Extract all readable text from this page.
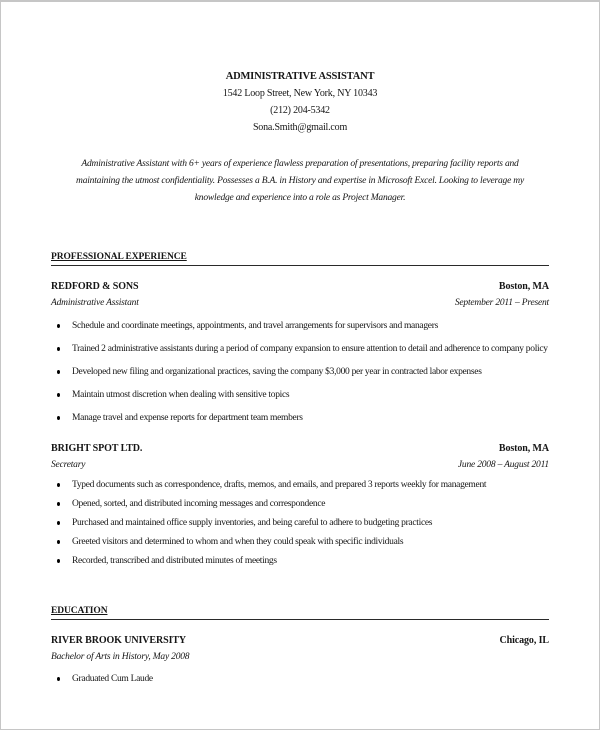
ADMINISTRATIVE ASSISTANT
1542 Loop Street, New York, NY 10343
(212) 204-5342
Sona.Smith@gmail.com
Administrative Assistant with 6+ years of experience flawless preparation of presentations, preparing facility reports and maintaining the utmost confidentiality. Possesses a B.A. in History and expertise in Microsoft Excel. Looking to leverage my knowledge and experience into a role as Project Manager.
PROFESSIONAL EXPERIENCE
REDFORD & SONS	Boston, MA
Administrative Assistant	September 2011 – Present
Schedule and coordinate meetings, appointments, and travel arrangements for supervisors and managers
Trained 2 administrative assistants during a period of company expansion to ensure attention to detail and adherence to company policy
Developed new filing and organizational practices, saving the company $3,000 per year in contracted labor expenses
Maintain utmost discretion when dealing with sensitive topics
Manage travel and expense reports for department team members
BRIGHT SPOT LTD.	Boston, MA
Secretary	June 2008 – August 2011
Typed documents such as correspondence, drafts, memos, and emails, and prepared 3 reports weekly for management
Opened, sorted, and distributed incoming messages and correspondence
Purchased and maintained office supply inventories, and being careful to adhere to budgeting practices
Greeted visitors and determined to whom and when they could speak with specific individuals
Recorded, transcribed and distributed minutes of meetings
EDUCATION
RIVER BROOK UNIVERSITY	Chicago, IL
Bachelor of Arts in History, May 2008
Graduated Cum Laude
